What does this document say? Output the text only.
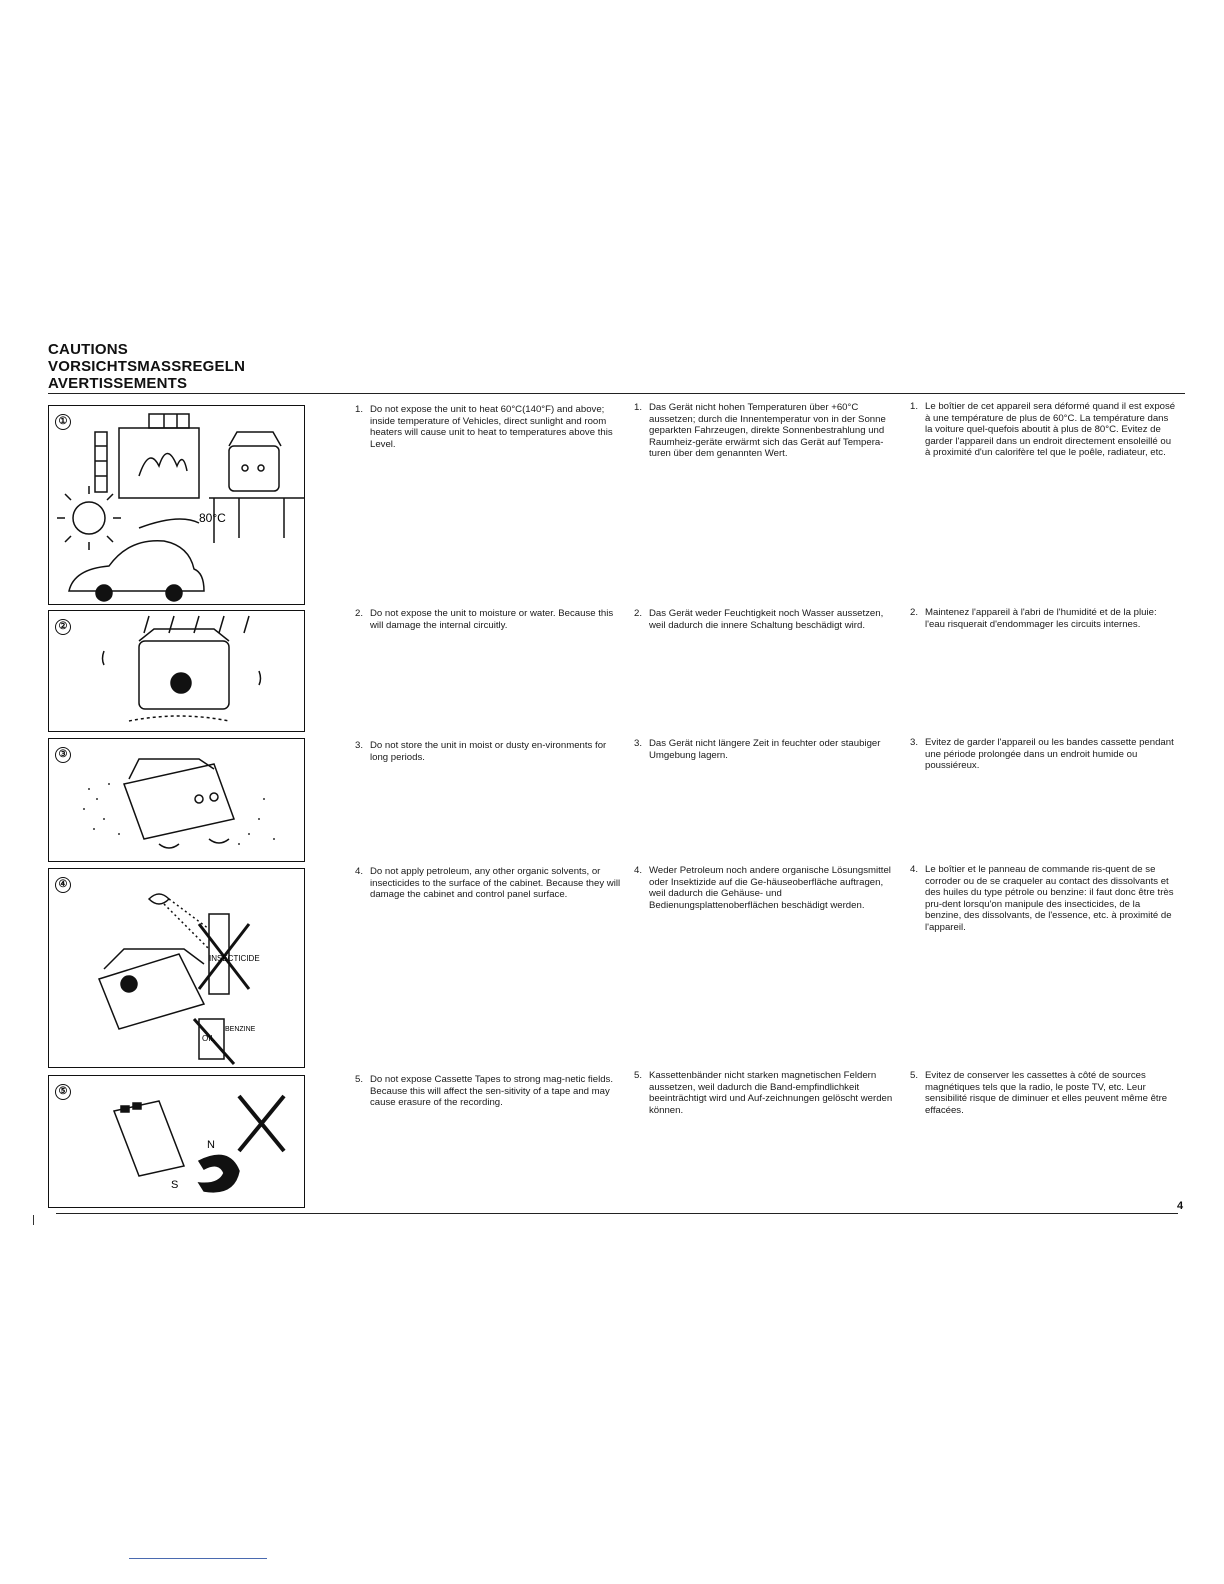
CAUTIONS
VORSICHTSMASSREGELN
AVERTISSEMENTS
80°C
①
②
③
INSECTICIDE
BENZINE
OIL
④
N
S
⑤
1. Do not expose the unit to heat 60°C(140°F) and above; inside temperature of Vehicles, direct sunlight and room heaters will cause unit to heat to temperatures above this Level.
1. Das Gerät nicht hohen Temperaturen über +60°C aussetzen; durch die Innentemperatur von in der Sonne geparkten Fahrzeugen, direkte Sonnenbestrahlung und Raumheiz-geräte erwärmt sich das Gerät auf Tempera-turen über dem genannten Wert.
1. Le boîtier de cet appareil sera déformé quand il est exposé à une température de plus de 60°C. La température dans la voiture quel-quefois aboutit à plus de 80°C. Evitez de garder l'appareil dans un endroit directement ensoleillé ou à proximité d'un calorifère tel que le poêle, radiateur, etc.
2. Do not expose the unit to moisture or water. Because this will damage the internal circuitly.
2. Das Gerät weder Feuchtigkeit noch Wasser aussetzen, weil dadurch die innere Schaltung beschädigt wird.
2. Maintenez l'appareil à l'abri de l'humidité et de la pluie: l'eau risquerait d'endommager les circuits internes.
3. Do not store the unit in moist or dusty en-vironments for long periods.
3. Das Gerät nicht längere Zeit in feuchter oder staubiger Umgebung lagern.
3. Evitez de garder l'appareil ou les bandes cassette pendant une période prolongée dans un endroit humide ou poussiéreux.
4. Do not apply petroleum, any other organic solvents, or insecticides to the surface of the cabinet. Because they will damage the cabinet and control panel surface.
4. Weder Petroleum noch andere organische Lösungsmittel oder Insektizide auf die Ge-häuseoberfläche auftragen, weil dadurch die Gehäuse- und Bedienungsplattenoberflächen beschädigt werden.
4. Le boîtier et le panneau de commande ris-quent de se corroder ou de se craqueler au contact des dissolvants et des huiles du type pétrole ou benzine: il faut donc être très pru-dent lorsqu'on manipule des insecticides, de la benzine, des dissolvants, de l'essence, etc. à proximité de l'appareil.
5. Do not expose Cassette Tapes to strong mag-netic fields. Because this will affect the sen-sitivity of a tape and may cause erasure of the recording.
5. Kassettenbänder nicht starken magnetischen Feldern aussetzen, weil dadurch die Band-empfindlichkeit beeinträchtigt wird und Auf-zeichnungen gelöscht werden können.
5. Evitez de conserver les cassettes à côté de sources magnétiques tels que la radio, le poste TV, etc. Leur sensibilité risque de diminuer et elles peuvent même être effacées.
4
